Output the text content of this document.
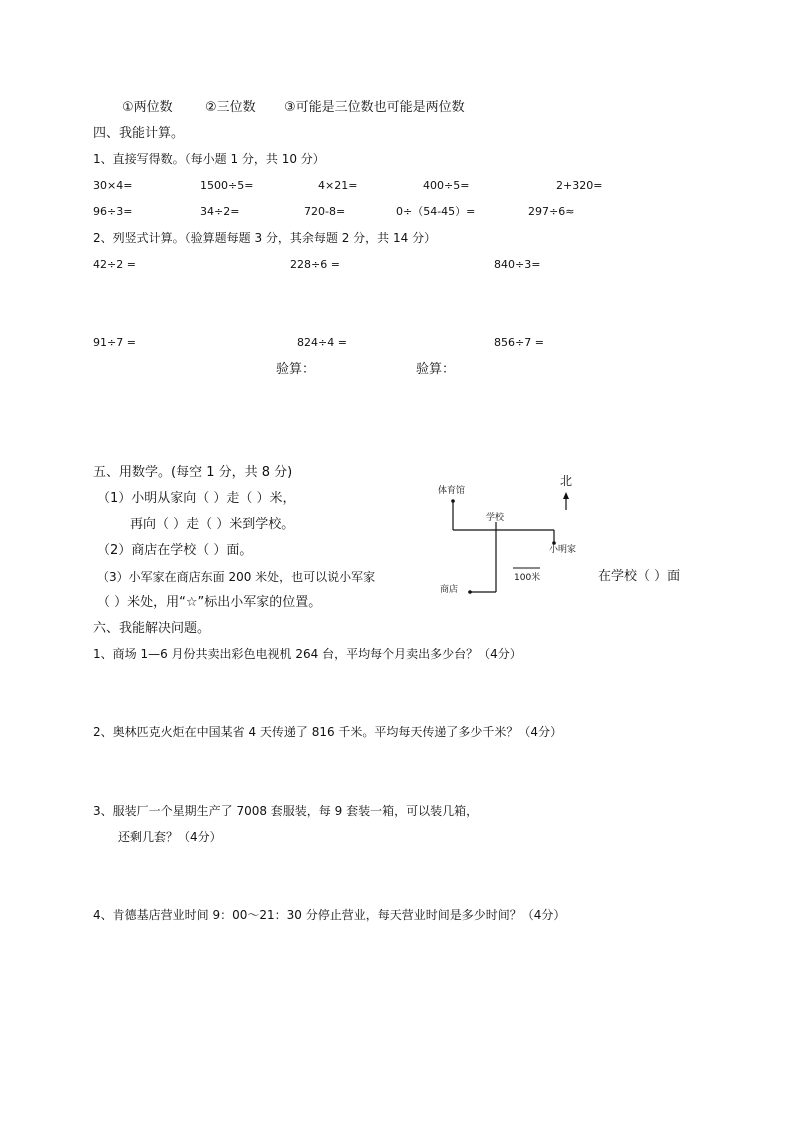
①两位数 ②三位数 ③可能是三位数也可能是两位数
四、我能计算。
1、直接写得数。（每小题 1 分，共 10 分）
30×4=	1500÷5=	4×21=	400÷5=	2+320=
96÷3=	34÷2=	720-8=	0÷（54-45）=	297÷6≈
2、列竖式计算。（验算题每题 3 分，其余每题 2 分，共 14 分）
42÷2 =	228÷6 =	840÷3=
91÷7 =	824÷4 =	856÷7 =
验算：	验算：
五、用数学。(每空 1 分，共 8 分)
（1）小明从家向（ ）走（ ）米，
再向（ ）走（ ）米到学校。
（2）商店在学校（ ）面。
（3）小军家在商店东面 200 米处，也可以说小军家	在学校（ ）面
（ ）米处，用“☆”标出小军家的位置。
北
体育馆
学校
小明家
商店
100米
六、我能解决问题。
1、商场 1—6 月份共卖出彩色电视机 264 台，平均每个月卖出多少台？（4分）
2、奥林匹克火炬在中国某省 4 天传递了 816 千米。平均每天传递了多少千米？（4分）
3、服装厂一个星期生产了 7008 套服装，每 9 套装一箱，可以装几箱，
还剩几套？（4分）
4、肯德基店营业时间 9：00～21：30 分停止营业，每天营业时间是多少时间？（4分）
